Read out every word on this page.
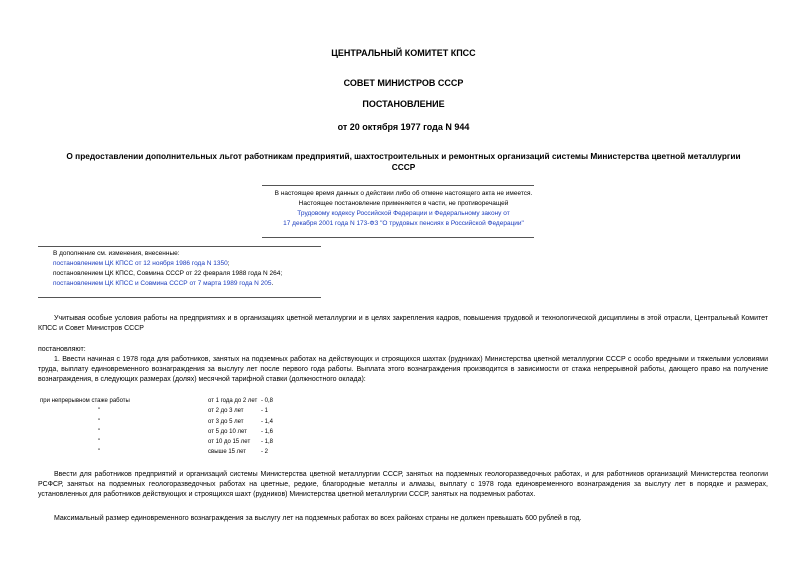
ЦЕНТРАЛЬНЫЙ КОМИТЕТ КПСС
СОВЕТ МИНИСТРОВ СССР
ПОСТАНОВЛЕНИЕ
от 20 октября 1977 года N 944
О предоставлении дополнительных льгот работникам предприятий, шахтостроительных и ремонтных организаций системы Министерства цветной металлургии
СССР
В настоящее время данных о действии либо об отмене настоящего акта не имеется.
Настоящее постановление применяется в части, не противоречащей
Трудовому кодексу Российской Федерации и Федеральному закону от
17 декабря 2001 года N 173-ФЗ "О трудовых пенсиях в Российской Федерации"
В дополнение см. изменения, внесенные:
постановлением ЦК КПСС от 12 ноября 1986 года N 1350;
постановлением ЦК КПСС, Совмина СССР от 22 февраля 1988 года N 264;
постановлением ЦК КПСС и Совмина СССР от 7 марта 1989 года N 205.
Учитывая особые условия работы на предприятиях и в организациях цветной металлургии и в целях закрепления кадров, повышения трудовой и технологической дисциплины в этой отрасли, Центральный Комитет КПСС и Совет Министров СССР
постановляют:
1. Ввести начиная с 1978 года для работников, занятых на подземных работах на действующих и строящихся шахтах (рудниках) Министерства цветной металлургии СССР с особо вредными и тяжелыми условиями труда, выплату единовременного вознаграждения за выслугу лет после первого года работы. Выплата этого вознаграждения производится в зависимости от стажа непрерывной работы, дающего право на получение вознаграждения, в следующих размерах (долях) месячной тарифной ставки (должностного оклада):
при непрерывном стаже работы	от 1 года до 2 лет	- 0,8
"	от 2 до 3 лет	- 1
"	от 3 до 5 лет	- 1,4
"	от 5 до 10 лет	- 1,6
"	от 10 до 15 лет	- 1,8
"	свыше 15 лет	- 2
Ввести для работников предприятий и организаций системы Министерства цветной металлургии СССР, занятых на подземных геологоразведочных работах, и для работников организаций Министерства геологии РСФСР, занятых на подземных геологоразведочных работах на цветные, редкие, благородные металлы и алмазы, выплату с 1978 года единовременного вознаграждения за выслугу лет в порядке и размерах, установленных для работников действующих и строящихся шахт (рудников) Министерства цветной металлургии СССР, занятых на подземных работах.
Максимальный размер единовременного вознаграждения за выслугу лет на подземных работах во всех районах страны не должен превышать 600 рублей в год.
